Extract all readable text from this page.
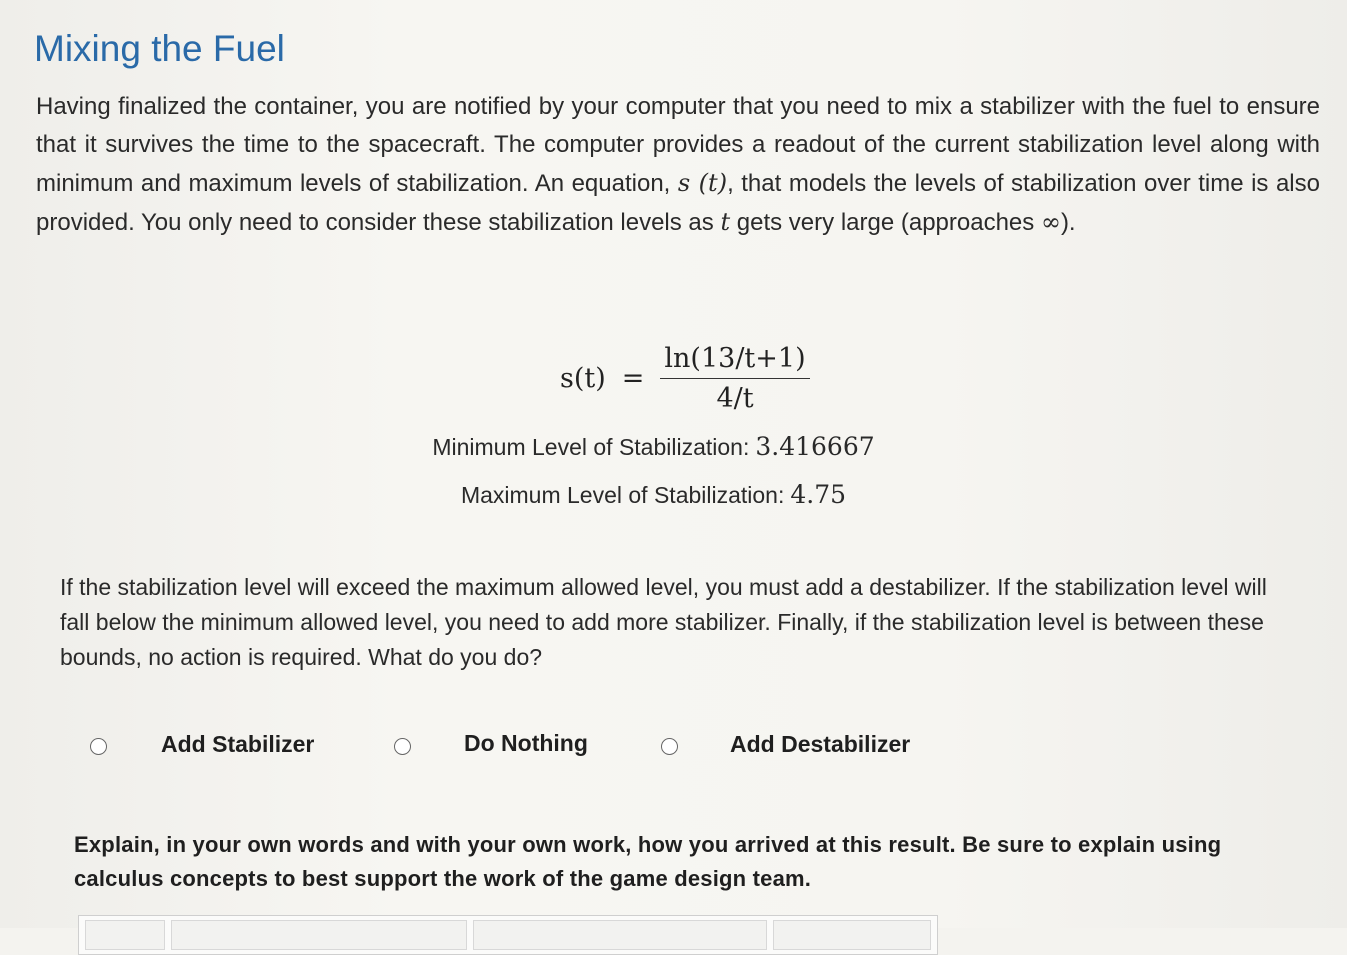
Mixing the Fuel
Having finalized the container, you are notified by your computer that you need to mix a stabilizer with the fuel to ensure that it survives the time to the spacecraft. The computer provides a readout of the current stabilization level along with minimum and maximum levels of stabilization. An equation, s (t), that models the levels of stabilization over time is also provided. You only need to consider these stabilization levels as t gets very large (approaches ∞).
$s(t) = \frac{\ln(13/t+1)}{4/t}$
Minimum Level of Stabilization: 3.416667
Maximum Level of Stabilization: 4.75
If the stabilization level will exceed the maximum allowed level, you must add a destabilizer. If the stabilization level will fall below the minimum allowed level, you need to add more stabilizer. Finally, if the stabilization level is between these bounds, no action is required. What do you do?
Add Stabilizer	Do Nothing	Add Destabilizer
Explain, in your own words and with your own work, how you arrived at this result. Be sure to explain using calculus concepts to best support the work of the game design team.
